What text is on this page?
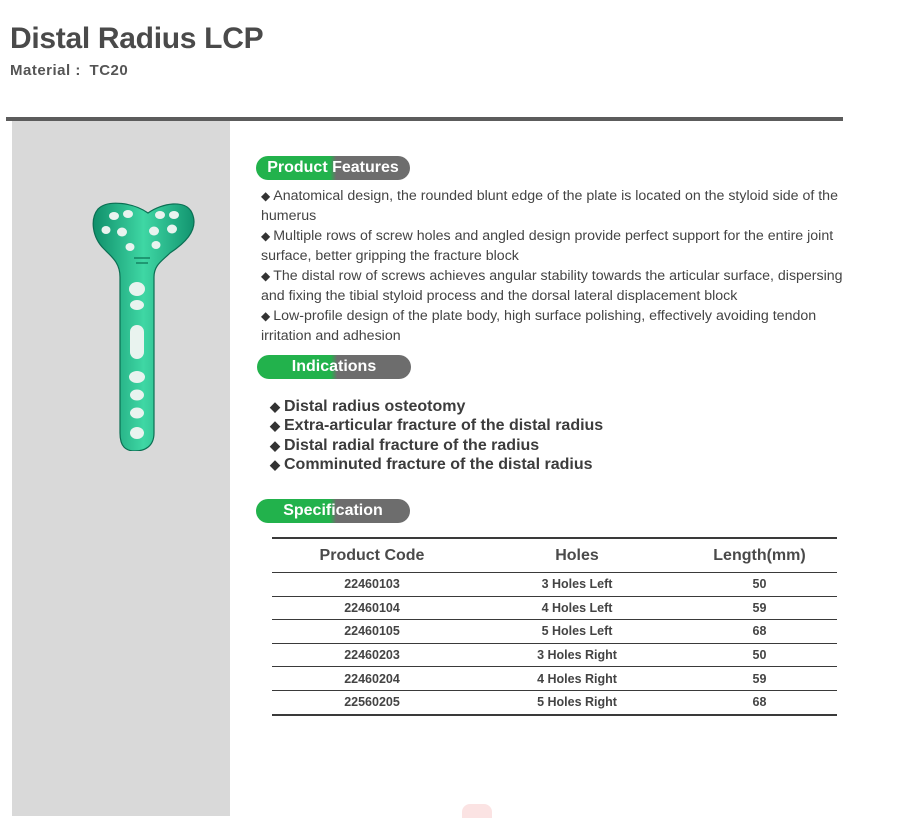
Distal Radius LCP
Material : TC20
Product Features
◆ Anatomical design, the rounded blunt edge of the plate is located on the styloid side of the humerus
◆ Multiple rows of screw holes and angled design provide perfect support for the entire joint surface, better gripping the fracture block
◆ The distal row of screws achieves angular stability towards the articular surface, dispersing and fixing the tibial styloid process and the dorsal lateral displacement block
◆ Low-profile design of the plate body, high surface polishing, effectively avoiding tendon irritation and adhesion
Indications
◆ Distal radius osteotomy
◆ Extra-articular fracture of the distal radius
◆ Distal radial fracture of the radius
◆ Comminuted fracture of the distal radius
Specification
Product Code	Holes	Length(mm)
22460103	3 Holes Left	50
22460104	4 Holes Left	59
22460105	5 Holes Left	68
22460203	3 Holes Right	50
22460204	4 Holes Right	59
22560205	5 Holes Right	68
